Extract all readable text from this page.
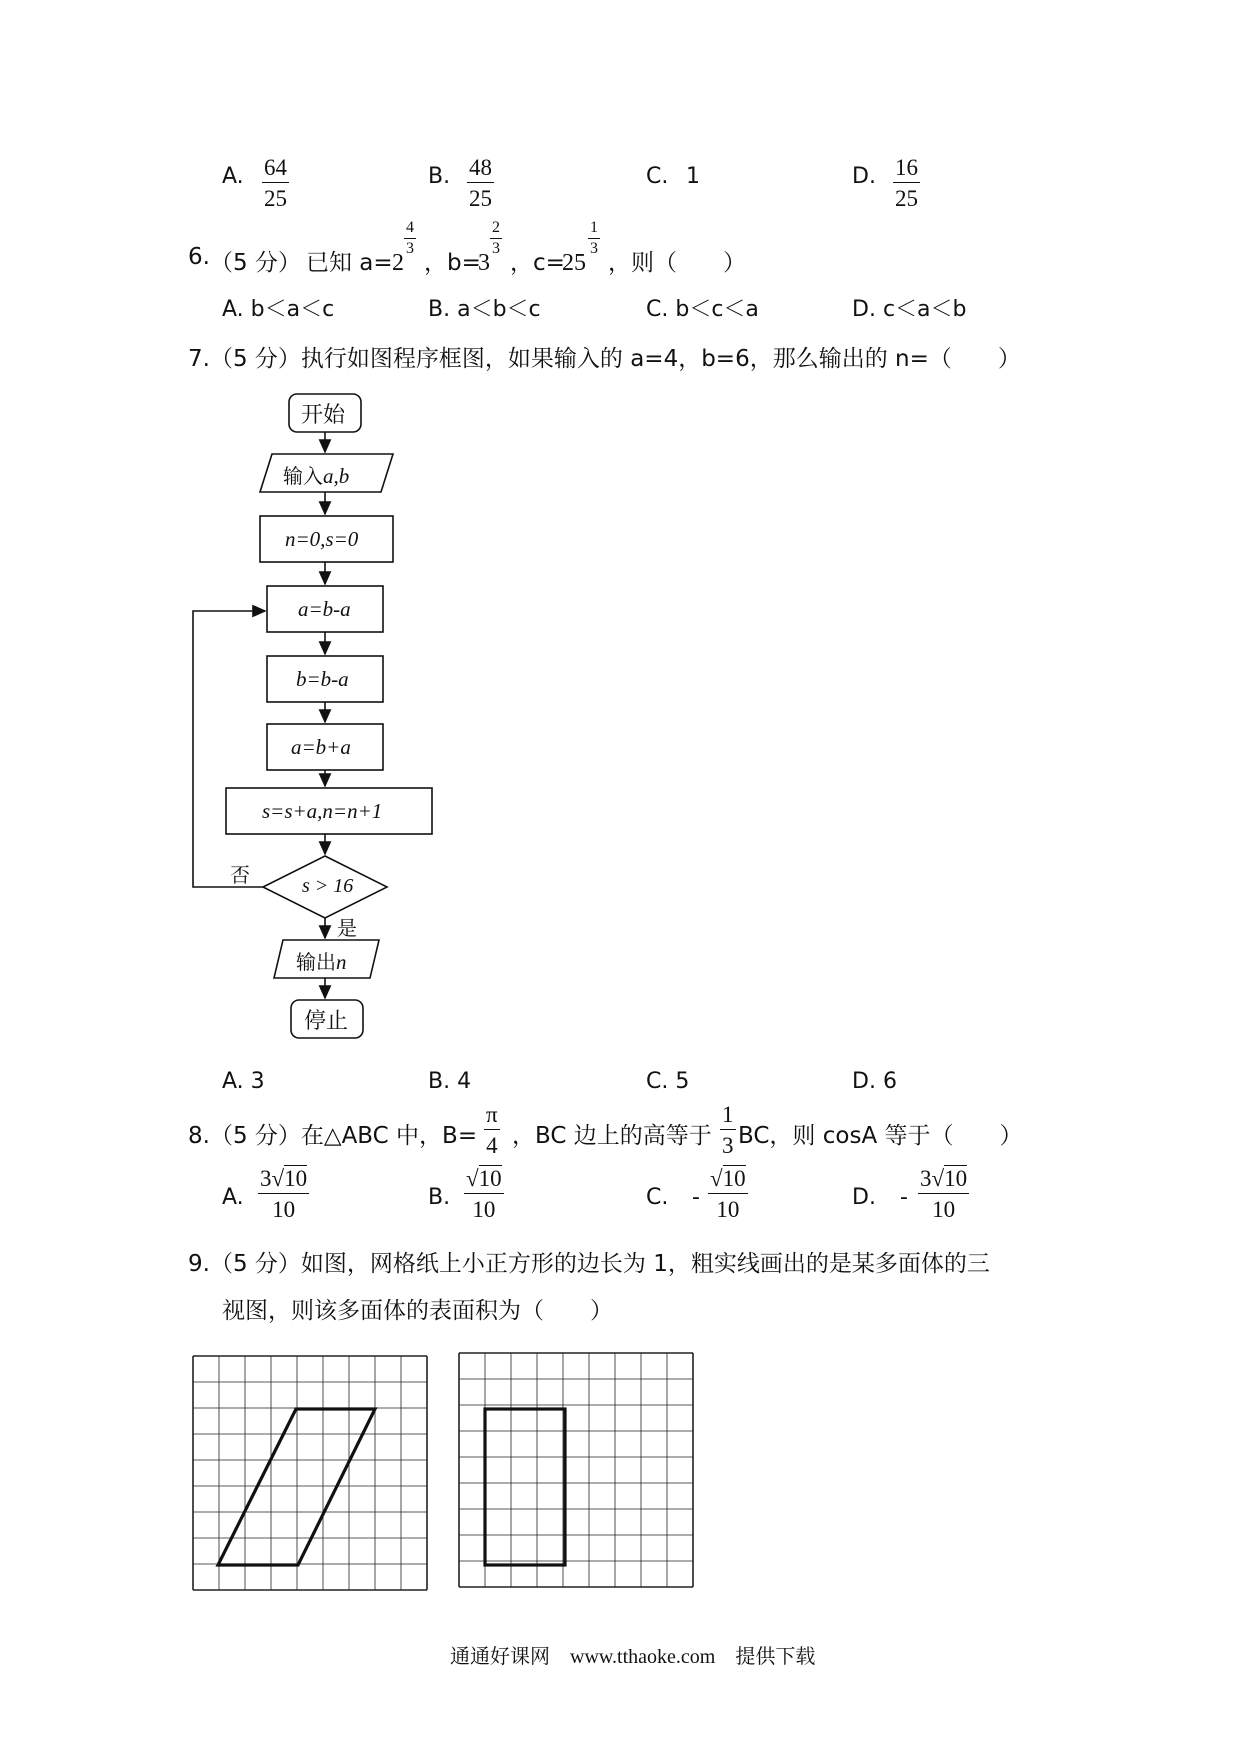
A. $\frac{64}{25}$	B. $\frac{48}{25}$	C. 1	D. $\frac{16}{25}$
6. （5 分） 已知 a= 2
$\frac{4}{3}$
，b=
3
$\frac{2}{3}$
，c=
25
$\frac{1}{3}$
，则（　　）
A. b＜a＜c	B. a＜b＜c	C. b＜c＜a	D. c＜a＜b
7.（5 分）执行如图程序框图，如果输入的 a=4，b=6，那么输出的 n=（　　）
开始
输入a,b
n=0,s=0
a=b-a
b=b-a
a=b+a
s=s+a,n=n+1
s > 16
否
是
输出n
停止
A. 3	B. 4	C. 5	D. 6
8.（5 分）在△ABC 中，$B= \frac{\pi}{4}$ ，BC 边上的高等于 $\frac{1}{3}$ BC，则 cosA 等于（　　）
A. $\frac{3√10}{10}$	B. $\frac{√10}{10}$	C. - $\frac{√10}{10}$	D. - $\frac{3√10}{10}$
9.（5 分）如图，网格纸上小正方形的边长为 1，粗实线画出的是某多面体的三
视图，则该多面体的表面积为（　　）
通通好课网　www.tthaoke.com　提供下载
